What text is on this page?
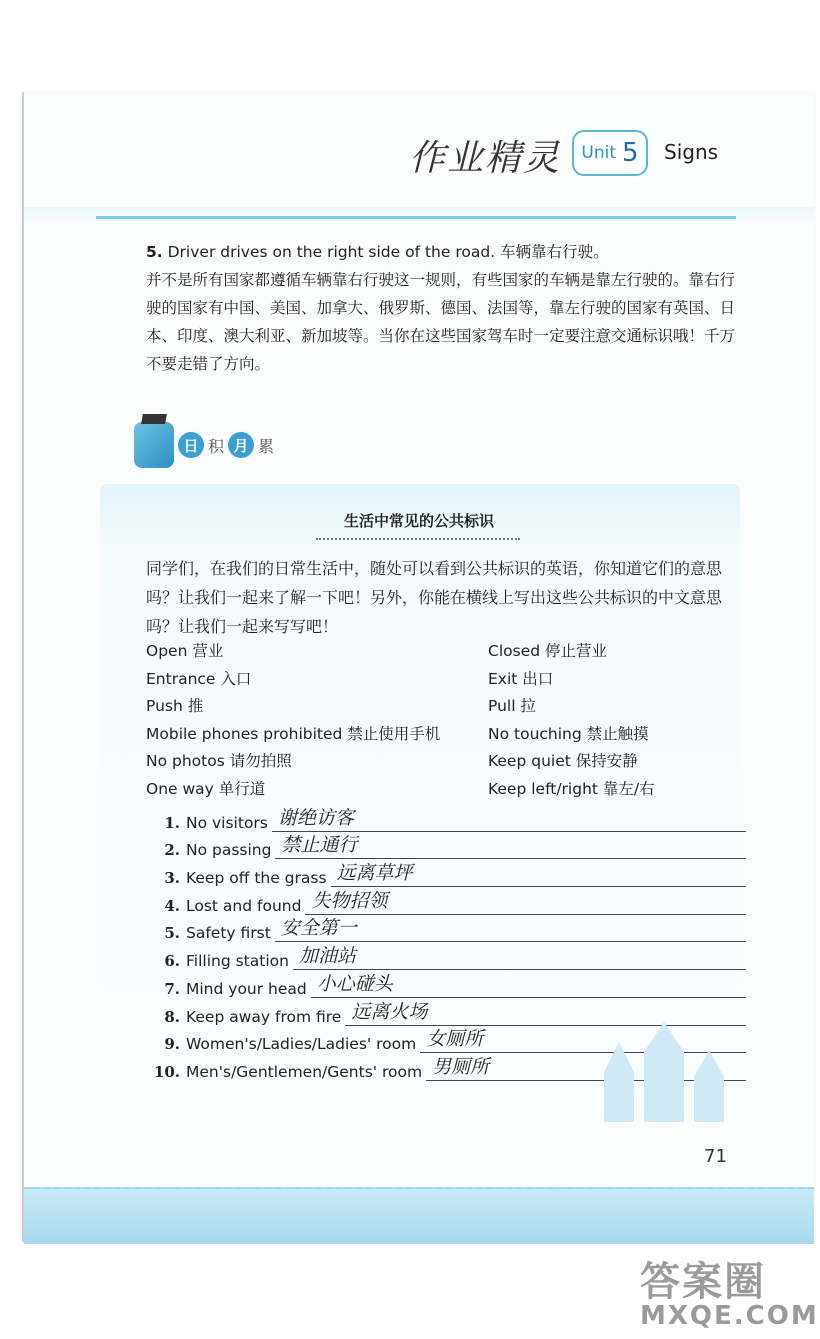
作业精灵 Unit 5 Signs
5. Driver drives on the right side of the road. 车辆靠右行驶。
并不是所有国家都遵循车辆靠右行驶这一规则，有些国家的车辆是靠左行驶的。靠右行驶的国家有中国、美国、加拿大、俄罗斯、德国、法国等，靠左行驶的国家有英国、日本、印度、澳大利亚、新加坡等。当你在这些国家驾车时一定要注意交通标识哦！千万不要走错了方向。
日 积 月 累
生活中常见的公共标识
同学们，在我们的日常生活中，随处可以看到公共标识的英语，你知道它们的意思吗？让我们一起来了解一下吧！另外，你能在横线上写出这些公共标识的中文意思吗？让我们一起来写写吧！
Open 营业
Entrance 入口
Push 推
Mobile phones prohibited 禁止使用手机
No photos 请勿拍照
One way 单行道
Closed 停止营业
Exit 出口
Pull 拉
No touching 禁止触摸
Keep quiet 保持安静
Keep left/right 靠左/右
1. No visitors 谢绝访客
2. No passing 禁止通行
3. Keep off the grass 远离草坪
4. Lost and found 失物招领
5. Safety first 安全第一
6. Filling station 加油站
7. Mind your head 小心碰头
8. Keep away from fire 远离火场
9. Women's/Ladies/Ladies' room 女厕所
10. Men's/Gentlemen/Gents' room 男厕所
71
答案圈
MXQE.COM
